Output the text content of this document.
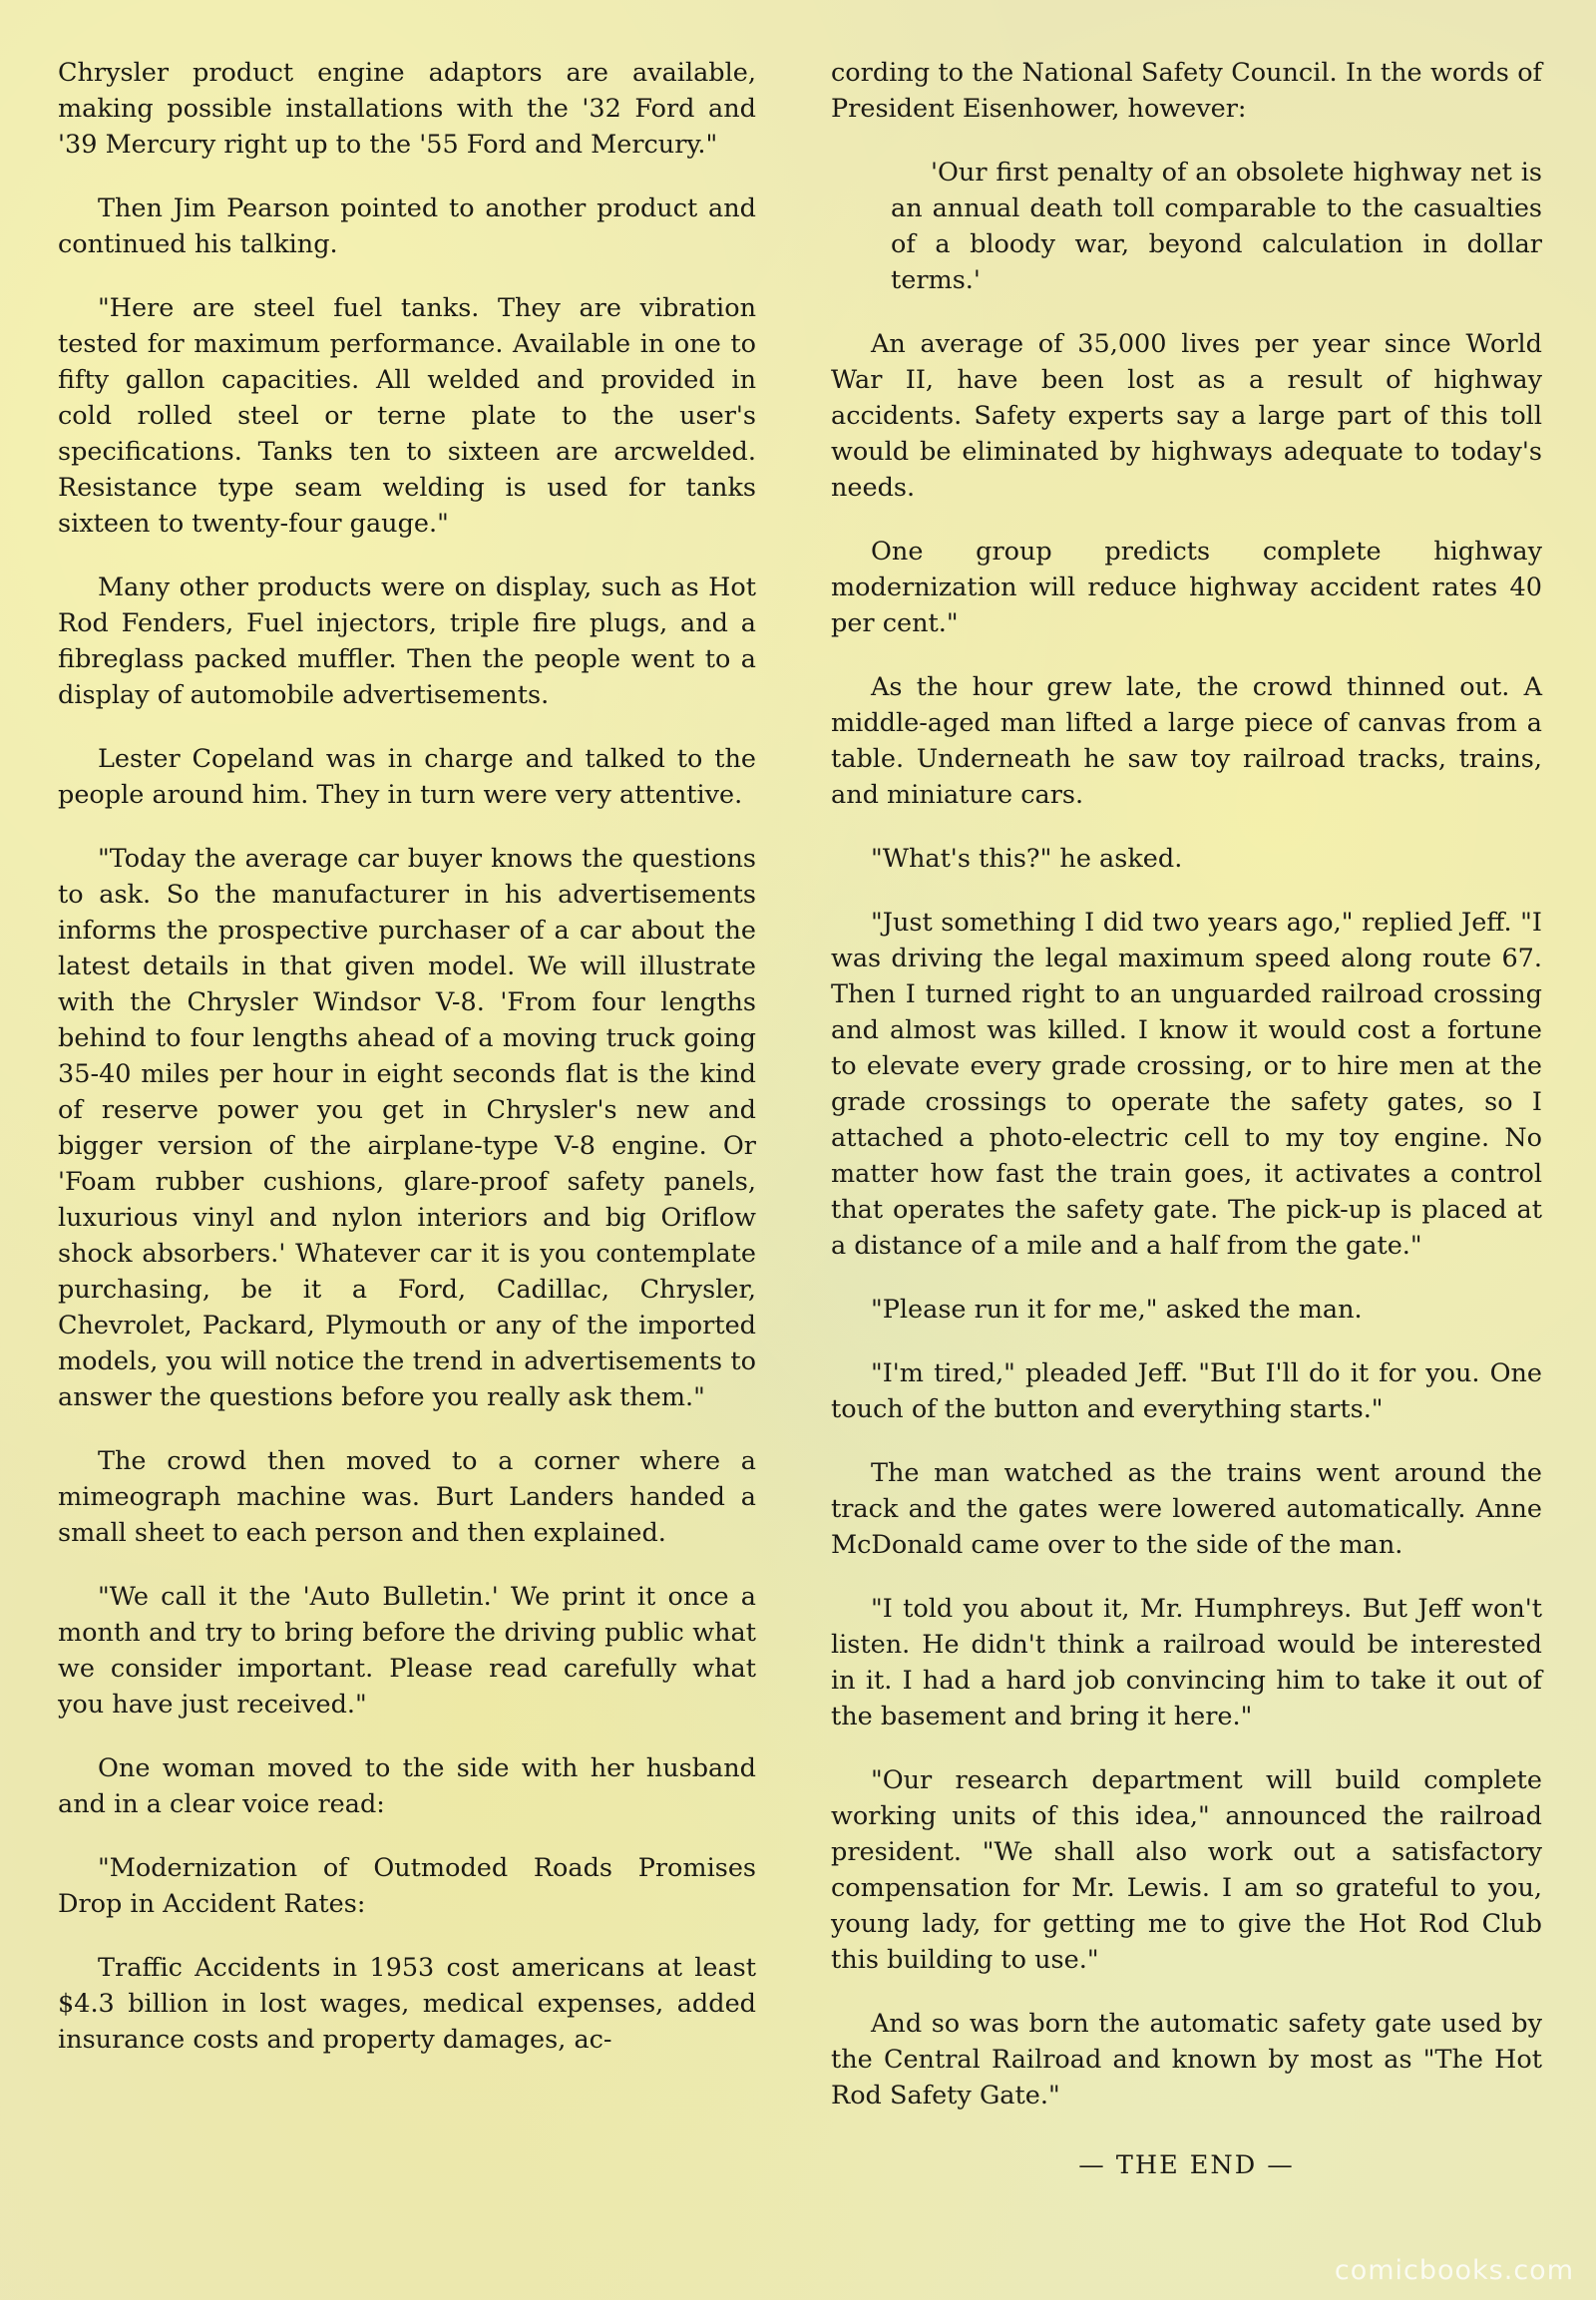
Chrysler product engine adaptors are available, making possible installations with the '32 Ford and '39 Mercury right up to the '55 Ford and Mercury."

Then Jim Pearson pointed to another product and continued his talking.

"Here are steel fuel tanks. They are vibration tested for maximum performance. Available in one to fifty gallon capacities. All welded and provided in cold rolled steel or terne plate to the user's specifications. Tanks ten to sixteen are arcwelded. Resistance type seam welding is used for tanks sixteen to twenty-four gauge."

Many other products were on display, such as Hot Rod Fenders, Fuel injectors, triple fire plugs, and a fibreglass packed muffler. Then the people went to a display of automobile advertisements.

Lester Copeland was in charge and talked to the people around him. They in turn were very attentive.

"Today the average car buyer knows the questions to ask. So the manufacturer in his advertisements informs the prospective purchaser of a car about the latest details in that given model. We will illustrate with the Chrysler Windsor V-8. 'From four lengths behind to four lengths ahead of a moving truck going 35-40 miles per hour in eight seconds flat is the kind of reserve power you get in Chrysler's new and bigger version of the airplane-type V-8 engine. Or 'Foam rubber cushions, glare-proof safety panels, luxurious vinyl and nylon interiors and big Oriflow shock absorbers.' Whatever car it is you contemplate purchasing, be it a Ford, Cadillac, Chrysler, Chevrolet, Packard, Plymouth or any of the imported models, you will notice the trend in advertisements to answer the questions before you really ask them."

The crowd then moved to a corner where a mimeograph machine was. Burt Landers handed a small sheet to each person and then explained.

"We call it the 'Auto Bulletin.' We print it once a month and try to bring before the driving public what we consider important. Please read carefully what you have just received."

One woman moved to the side with her husband and in a clear voice read:

"Modernization of Outmoded Roads Promises Drop in Accident Rates:

Traffic Accidents in 1953 cost americans at least $4.3 billion in lost wages, medical expenses, added insurance costs and property damages, ac-

cording to the National Safety Council. In the words of President Eisenhower, however:

'Our first penalty of an obsolete highway net is an annual death toll comparable to the casualties of a bloody war, beyond calculation in dollar terms.'

An average of 35,000 lives per year since World War II, have been lost as a result of highway accidents. Safety experts say a large part of this toll would be eliminated by highways adequate to today's needs.

One group predicts complete highway modernization will reduce highway accident rates 40 per cent."

As the hour grew late, the crowd thinned out. A middle-aged man lifted a large piece of canvas from a table. Underneath he saw toy railroad tracks, trains, and miniature cars.

"What's this?" he asked.

"Just something I did two years ago," replied Jeff. "I was driving the legal maximum speed along route 67. Then I turned right to an unguarded railroad crossing and almost was killed. I know it would cost a fortune to elevate every grade crossing, or to hire men at the grade crossings to operate the safety gates, so I attached a photo-electric cell to my toy engine. No matter how fast the train goes, it activates a control that operates the safety gate. The pick-up is placed at a distance of a mile and a half from the gate."

"Please run it for me," asked the man.

"I'm tired," pleaded Jeff. "But I'll do it for you. One touch of the button and everything starts."

The man watched as the trains went around the track and the gates were lowered automatically. Anne McDonald came over to the side of the man.

"I told you about it, Mr. Humphreys. But Jeff won't listen. He didn't think a railroad would be interested in it. I had a hard job convincing him to take it out of the basement and bring it here."

"Our research department will build complete working units of this idea," announced the railroad president. "We shall also work out a satisfactory compensation for Mr. Lewis. I am so grateful to you, young lady, for getting me to give the Hot Rod Club this building to use."

And so was born the automatic safety gate used by the Central Railroad and known by most as "The Hot Rod Safety Gate."

— THE END —

comicbooks.com
